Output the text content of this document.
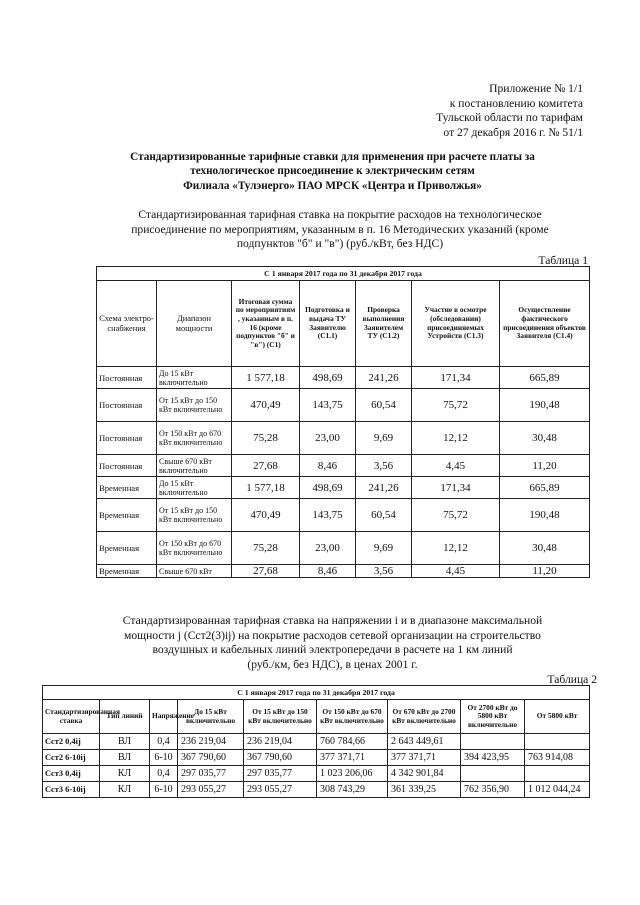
Приложение № 1/1
к постановлению комитета
Тульской области по тарифам
от 27 декабря 2016 г. № 51/1
Стандартизированные тарифные ставки для применения при расчете платы за
технологическое присоединение к электрическим сетям
Филиала «Тулэнерго» ПАО МРСК «Центра и Приволжья»
Стандартизированная тарифная ставка на покрытие расходов на технологическое
присоединение по мероприятиям, указанным в п. 16 Методических указаний (кроме
подпунктов "б" и "в") (руб./кВт, без НДС)
Таблица 1
С 1 января 2017 года по 31 декабря 2017 года						
Схема электро-снабжения	Диапазон мощности	Итоговая сумма по мероприятиям , указанным в п. 16 (кроме подпунктов "б" и "в") (С1)	Подготовка и выдача ТУ Заявителю (С1.1)	Проверка выполнения Заявителем ТУ (С1.2)	Участие в осмотре (обследовании) присоединяемых Устройств (С1.3)	Осуществление фактического присоединения объектов Заявителя (С1.4)
Постоянная	До 15 кВт включительно	1 577,18	498,69	241,26	171,34	665,89
Постоянная	От 15 кВт до 150 кВт включительно	470,49	143,75	60,54	75,72	190,48
Постоянная	От 150 кВт до 670 кВт включительно	75,28	23,00	9,69	12,12	30,48
Постоянная	Свыше 670 кВт включительно	27,68	8,46	3,56	4,45	11,20
Временная	До 15 кВт включительно	1 577,18	498,69	241,26	171,34	665,89
Временная	От 15 кВт до 150 кВт включительно	470,49	143,75	60,54	75,72	190,48
Временная	От 150 кВт до 670 кВт включительно	75,28	23,00	9,69	12,12	30,48
Временная	Свыше 670 кВт	27,68	8,46	3,56	4,45	11,20
Стандартизированная тарифная ставка на напряжении i и в диапазоне максимальной
мощности j (Cст2(3)ij) на покрытие расходов сетевой организации на строительство
воздушных и кабельных линий электропередачи в расчете на 1 км линий
(руб./км, без НДС), в ценах 2001 г.
Таблица 2
С 1 января 2017 года по 31 декабря 2017 года								
Стандартизированная ставка	Тип линий	Напряжение	До 15 кВт включительно	От 15 кВт до 150 кВт включительно	От 150 кВт до 670 кВт включительно	От 670 кВт до 2700 кВт включительно	От 2700 кВт до 5800 кВт включительно	От 5800 кВт
Cст2 0,4ij	ВЛ	0,4	236 219,04	236 219,04	760 784,66	2 643 449,61		
Cст2 6-10ij	ВЛ	6-10	367 790,60	367 790,60	377 371,71	377 371,71	394 423,95	763 914,08
Cст3 0,4ij	КЛ	0,4	297 035,77	297 035,77	1 023 206,06	4 342 901,84		
Cст3 6-10ij	КЛ	6-10	293 055,27	293 055,27	308 743,29	361 339,25	762 356,90	1 012 044,24
